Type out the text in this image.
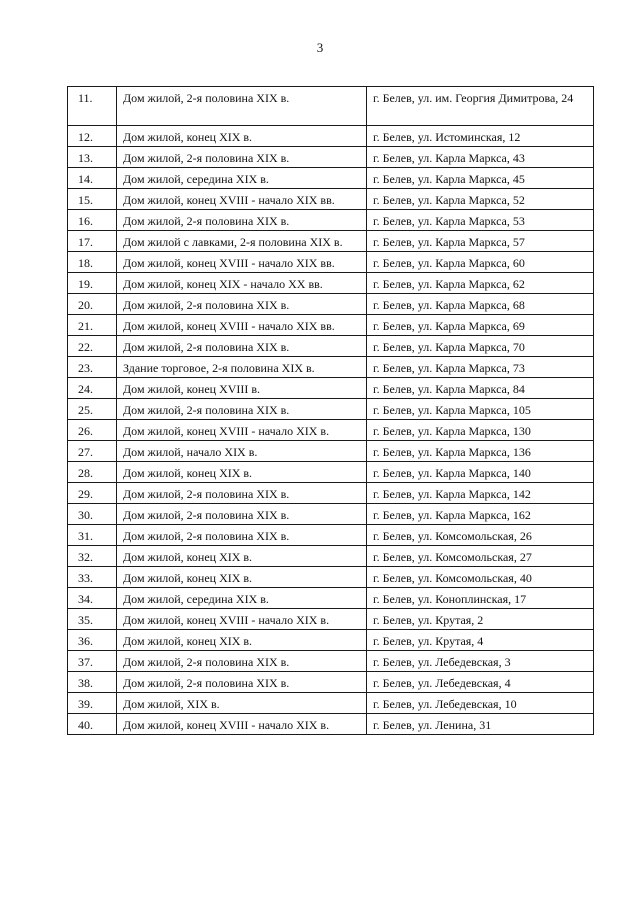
3
11.	Дом жилой, 2-я половина XIX в.	г. Белев, ул. им. Георгия Димитрова, 24
12.	Дом жилой, конец XIX в.	г. Белев, ул. Истоминская, 12
13.	Дом жилой, 2-я половина XIX в.	г. Белев, ул. Карла Маркса, 43
14.	Дом жилой, середина XIX в.	г. Белев, ул. Карла Маркса, 45
15.	Дом жилой, конец XVIII - начало XIX вв.	г. Белев, ул. Карла Маркса, 52
16.	Дом жилой, 2-я половина XIX в.	г. Белев, ул. Карла Маркса, 53
17.	Дом жилой с лавками, 2-я половина XIX в.	г. Белев, ул. Карла Маркса, 57
18.	Дом жилой, конец XVIII - начало XIX вв.	г. Белев, ул. Карла Маркса, 60
19.	Дом жилой, конец XIX - начало XX вв.	г. Белев, ул. Карла Маркса, 62
20.	Дом жилой, 2-я половина XIX в.	г. Белев, ул. Карла Маркса, 68
21.	Дом жилой, конец XVIII - начало XIX вв.	г. Белев, ул. Карла Маркса, 69
22.	Дом жилой, 2-я половина XIX в.	г. Белев, ул. Карла Маркса, 70
23.	Здание торговое, 2-я половина XIX в.	г. Белев, ул. Карла Маркса, 73
24.	Дом жилой, конец XVIII в.	г. Белев, ул. Карла Маркса, 84
25.	Дом жилой, 2-я половина XIX в.	г. Белев, ул. Карла Маркса, 105
26.	Дом жилой, конец XVIII - начало XIX в.	г. Белев, ул. Карла Маркса, 130
27.	Дом жилой, начало XIX в.	г. Белев, ул. Карла Маркса, 136
28.	Дом жилой, конец XIX в.	г. Белев, ул. Карла Маркса, 140
29.	Дом жилой, 2-я половина XIX в.	г. Белев, ул. Карла Маркса, 142
30.	Дом жилой, 2-я половина XIX в.	г. Белев, ул. Карла Маркса, 162
31.	Дом жилой, 2-я половина XIX в.	г. Белев, ул. Комсомольская, 26
32.	Дом жилой, конец XIX в.	г. Белев, ул. Комсомольская, 27
33.	Дом жилой, конец XIX в.	г. Белев, ул. Комсомольская, 40
34.	Дом жилой, середина XIX в.	г. Белев, ул. Коноплинская, 17
35.	Дом жилой, конец XVIII - начало XIX в.	г. Белев, ул. Крутая, 2
36.	Дом жилой, конец XIX в.	г. Белев, ул. Крутая, 4
37.	Дом жилой, 2-я половина XIX в.	г. Белев, ул. Лебедевская, 3
38.	Дом жилой, 2-я половина XIX в.	г. Белев, ул. Лебедевская, 4
39.	Дом жилой, XIX в.	г. Белев, ул. Лебедевская, 10
40.	Дом жилой, конец XVIII - начало XIX в.	г. Белев, ул. Ленина, 31
